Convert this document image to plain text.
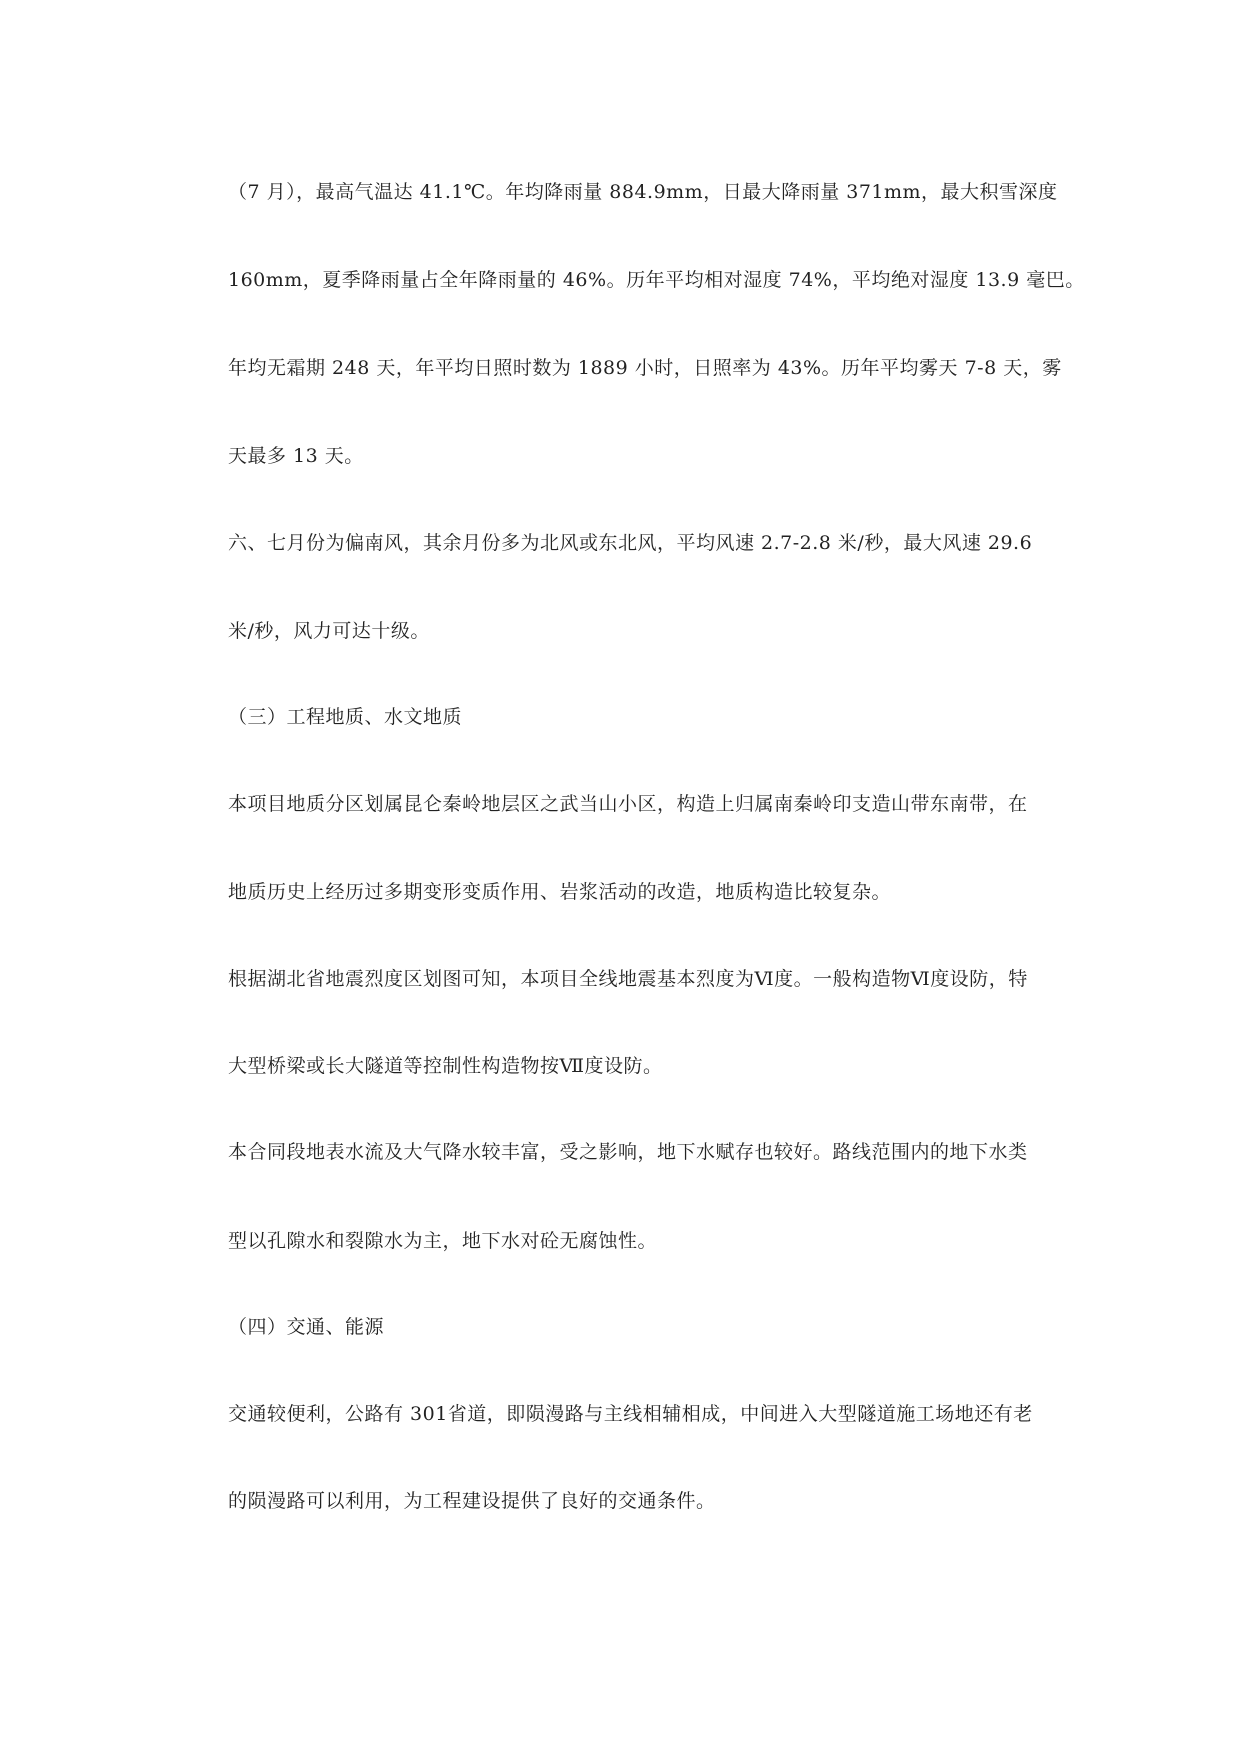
（7 月），最高气温达 41.1℃。年均降雨量 884.9mm，日最大降雨量 371mm，最大积雪深度

160mm，夏季降雨量占全年降雨量的 46%。历年平均相对湿度 74%，平均绝对湿度 13.9 毫巴。

年均无霜期 248 天，年平均日照时数为 1889 小时，日照率为 43%。历年平均雾天 7-8 天，雾

天最多 13 天。

六、七月份为偏南风，其余月份多为北风或东北风，平均风速 2.7-2.8 米/秒，最大风速 29.6

米/秒，风力可达十级。

（三）工程地质、水文地质

本项目地质分区划属昆仑秦岭地层区之武当山小区，构造上归属南秦岭印支造山带东南带，在

地质历史上经历过多期变形变质作用、岩浆活动的改造，地质构造比较复杂。

根据湖北省地震烈度区划图可知，本项目全线地震基本烈度为Ⅵ度。一般构造物Ⅵ度设防，特

大型桥梁或长大隧道等控制性构造物按Ⅶ度设防。

本合同段地表水流及大气降水较丰富，受之影响，地下水赋存也较好。路线范围内的地下水类

型以孔隙水和裂隙水为主，地下水对砼无腐蚀性。

（四）交通、能源

交通较便利，公路有 301省道，即陨漫路与主线相辅相成，中间进入大型隧道施工场地还有老

的陨漫路可以利用，为工程建设提供了良好的交通条件。
